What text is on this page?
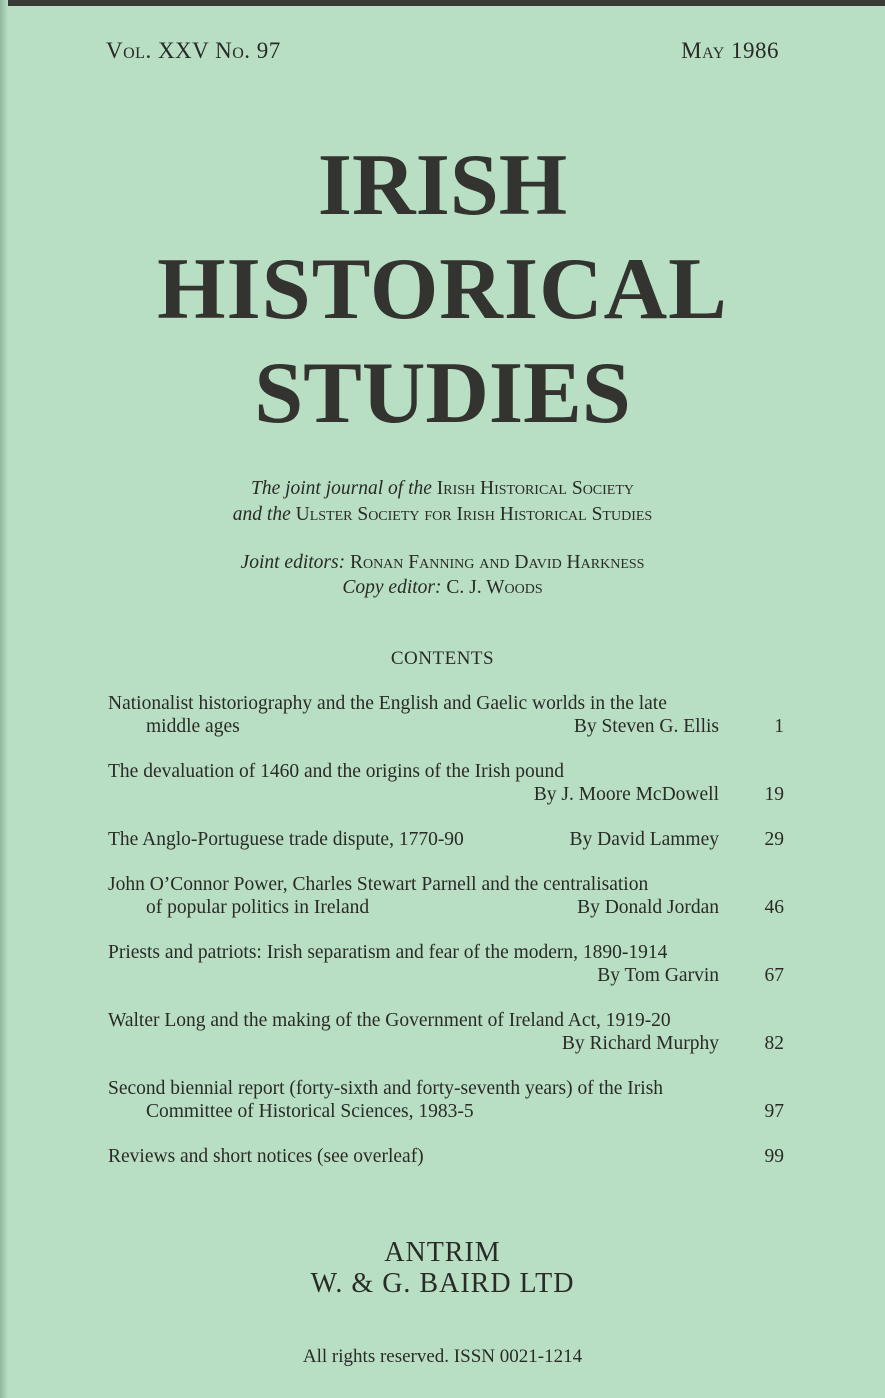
Vol. XXV No. 97	May 1986
IRISH
HISTORICAL
STUDIES
The joint journal of the Irish Historical Society
and the Ulster Society for Irish Historical Studies
Joint editors: Ronan Fanning and David Harkness
Copy editor: C. J. Woods
CONTENTS
Nationalist historiography and the English and Gaelic worlds in the late
middle ages	By Steven G. Ellis	1
The devaluation of 1460 and the origins of the Irish pound
By J. Moore McDowell	19
The Anglo-Portuguese trade dispute, 1770-90	By David Lammey	29
John O’Connor Power, Charles Stewart Parnell and the centralisation
of popular politics in Ireland	By Donald Jordan	46
Priests and patriots: Irish separatism and fear of the modern, 1890-1914
By Tom Garvin	67
Walter Long and the making of the Government of Ireland Act, 1919-20
By Richard Murphy	82
Second biennial report (forty-sixth and forty-seventh years) of the Irish
Committee of Historical Sciences, 1983-5	97
Reviews and short notices (see overleaf)	99
ANTRIM
W. & G. BAIRD LTD
All rights reserved. ISSN 0021-1214
